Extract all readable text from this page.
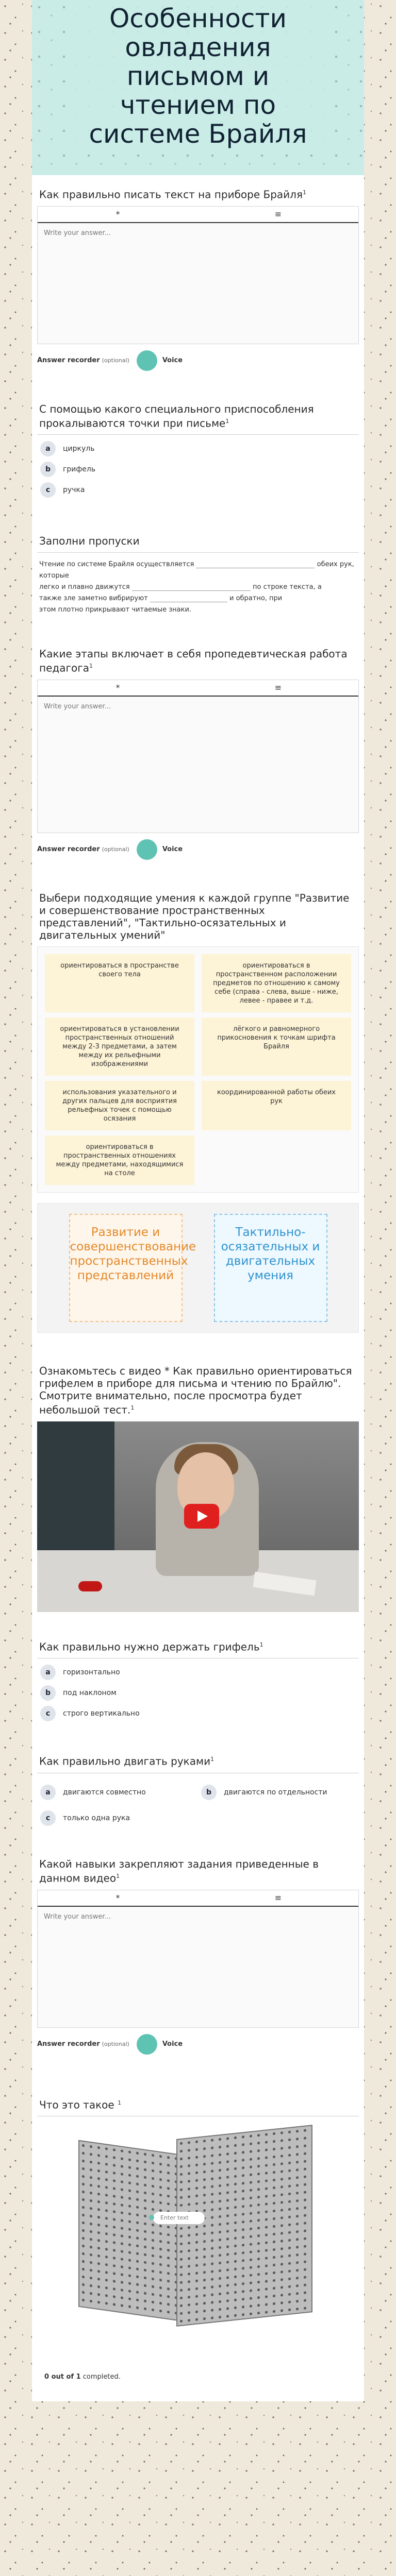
Особенности овладения письмом и чтением по системе Брайля
Как правильно писать текст на приборе Брайля$^1$
*	≡
Write your answer...
Answer recorder (optional)	Voice
С помощью какого специального приспособления прокалываются точки при письме$^1$
a	циркуль
b	грифель
c	ручка
Заполни пропуски
Чтение по системе Брайля осуществляется	обеих рук, которые
легко и плавно движутся	по строке текста, а
также зле заметно вибрируют	и обратно, при
этом плотно прикрывают читаемые знаки.
Какие этапы включает в себя пропедевтическая работа педагога$^1$
*	≡
Write your answer...
Answer recorder (optional)	Voice
Выбери подходящие умения к каждой группе "Развитие и совершенствование пространственных представлений", "Тактильно-осязательных и двигательных умений"
ориентироваться в пространстве своего тела
ориентироваться в пространственном расположении предметов по отношению к самому себе (справа - слева, выше - ниже, левее - правее и т.д.
ориентироваться в установлении пространственных отношений между 2-3 предметами, а затем между их рельефными изображениями
лёгкого и равномерного прикосновения к точкам шрифта Брайля
использования указательного и других пальцев для восприятия рельефных точек с помощью осязания
координированной работы обеих рук
ориентироваться в пространственных отношениях между предметами, находящимися на столе
Развитие и совершенствование пространственных представлений
Тактильно-осязательных и двигательных умения
Ознакомьтесь с видео * Как правильно ориентироваться грифелем в приборе для письма и чтению по Брайлю". Смотрите внимательно, после просмотра будет небольшой тест.$^1$
Как правильно нужно держать грифель$^1$
a	горизонтально
b	под наклоном
c	строго вертикально
Как правильно двигать руками$^1$
a	двигаются совместно	b	двигаются по отдельности
c	только одна рука
Какой навыки закрепляют задания приведенные в данном видео$^1$
*	≡
Write your answer...
Answer recorder (optional)	Voice
Что это такое $^1$
Enter text
0 out of 1 completed.
